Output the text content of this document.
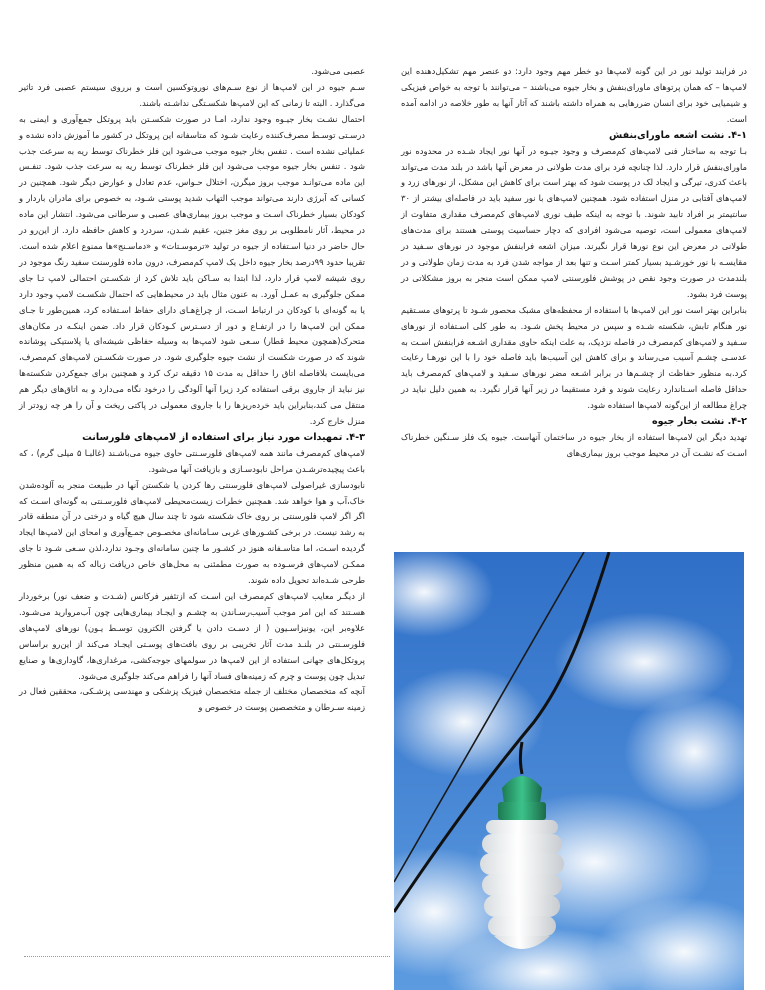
در فرایند تولید نور در این گونه لامپ‌ها دو خطر مهم وجود دارد: دو عنصر مهم تشکیل‌دهنده این لامپ‌ها – که همان پرتوهای ماورای‌بنفش و بخار جیوه می‌باشند – می‌توانند با توجه به خواص فیزیکی و شیمیایی خود برای انسان ضررهایی به همراه داشته باشند که آثار آنها به طور خلاصه در ادامه آمده است.

۴-۱. نشت اشعه ماورای‌بنفش

بـا توجه به ساختار فنی لامپ‌های کم‌مصرف و وجود جیـوه در آنها نور ایجاد شـده در محدوده نور ماورای‌بنفش قرار دارد. لذا چنانچه فرد برای مدت طولانی در معرض آنها باشد در بلند مدت می‌تواند باعث کدری، تیرگی و ایجاد لک در پوست شود که بهتر است برای کاهش این مشکل، از نورهای زرد و لامپ‌های آفتابی در منزل استفاده شود. همچنین لامپ‌های با نور سفید باید در فاصله‌ای بیشتر از ۳۰ سانتیمتر بر افراد تابید شوند. با توجه به اینکه طیف نوری لامپ‌های کم‌مصرف مقداری متفاوت از لامپ‌های معمولی است، توصیه می‌شود افرادی که دچار حساسیت پوستی هستند برای مدت‌های طولانی در معرض این نوع نورها قرار نگیرند. میزان اشعه فرابنفش موجود در نورهای سـفید در مقایسـه با نور خورشـید بسیار کمتر اسـت و تنها بعد از مواجه شدن فرد به مدت زمان طولانی و در بلندمدت در صورت وجود نقص در پوشش فلورسنتی لامپ ممکن است منجر به بروز مشکلاتی در پوست فرد بشود.

بنابراین بهتر است نور این لامپ‌ها با استفاده از محفظه‌های مشبک محصور شـود تا پرتوهای مسـتقیم نور هنگام تابش، شکسته شـده و سپس در محیط پخش شـود. به طور کلی اسـتفاده از نورهای سـفید و لامپ‌های کم‌مصرف در فاصله نزدیک، به علت اینکه حاوی مقداری اشـعه فرابنفش اسـت به عدسـی چشـم آسیب می‌رساند و برای کاهش این آسیب‌ها باید فاصله خود را با این نورهـا رعایت کرد.به منظور حفاظت از چشـم‌ها در برابر اشـعه مضر نورهای سـفید و لامپ‌های کم‌مصرف باید حداقل فاصله اسـتاندارد رعایت شوند و فرد مستقیما در زیر آنها قرار نگیرد. به همین دلیل نباید در چراغ مطالعه از این‌گونه لامپ‌ها استفاده شود.

۴-۲. نشت بخار جیوه

تهدید دیگر این لامپ‌ها استفاده از بخار جیوه در ساختمان آنهاست. جیوه یک فلز سـنگین خطرناک اسـت که نشـت آن در محیط موجب بروز بیماری‌های

عصبی می‌شود.

سـم جیوه در این لامپ‌ها از نوع سـم‌های نوروتوکسین است و برروی سیستم عصبی فرد تاثیر می‌گذارد . البته تا زمانی که این لامپ‌ها شکسـتگی نداشـته باشند.

احتمال نشـت بخار جیـوه وجود ندارد، امـا در صورت شکسـتن باید پروتکل جمع‌آوری و ایمنی به درسـتی توسـط مصرف‌کننده رعایت شـود که متاسفانه این پروتکل در کشور ما آموزش داده نشده و عملیاتی نشده است . تنفس بخار جیوه موجب می‌شود این فلز خطرناک توسط ریه به سرعت جذب شود . تنفس بخار جیوه موجب می‌شود این فلز خطرناک توسط ریه به سرعت جذب شود. تنفـس این ماده می‌توانـد موجب بروز میگرن، اختلال حـواس، عدم تعادل و عوارض دیگر شود. همچنین در کسانی که آبرژی دارند می‌تواند موجب التهاب شدید پوستی شـود، به خصوص برای مادران باردار و کودکان بسیار خطرناک اسـت و موجب بروز بیماری‌های عصبی و سرطانی می‌شود. انتشار این ماده در محیط، آثار نامطلوبی بر روی مغز جنین، عقیم شـدن، سردرد و کاهش حافظه دارد. از این‌رو در حال حاضر در دنیا اسـتفاده از جیوه در تولید «ترموسـتات» و «دماسـنج»ها ممنوع اعلام شده است. تقریبا حدود ۹۹درصد بخار جیوه داخل یک لامپ کم‌مصرف، درون ماده فلورسنت سفید رنگ موجود در روی شیشه لامپ قرار دارد، لذا ابتدا به سـاکن باید تلاش کرد از شکسـتن احتمالی لامپ تـا جای ممکن جلوگیری به عمـل آورد. به عنون مثال باید در محیط‌هایی که احتمال شکسـت لامپ وجود دارد یا به گونه‌ای با کودکان در ارتباط اسـت، از چراغ‌هـای دارای حفاظ اسـتفاده کرد، همین‌طور تا جـای ممکن این لامپ‌ها را در ارتفـاع و دور از دسـترس کـودکان قرار داد. ضمن اینکـه در مکان‌های متحرک(همچون محیط قطار) سـعی شود لامپ‌ها به وسیله حفاظی شیشه‌ای یا پلاستیکی پوشانده شوند که در صورت شکست از نشت جیوه جلوگیری شود. در صورت شکسـتن لامپ‌های کم‌مصرف، می‌بایست بلافاصله اتاق را حداقل به مدت ۱۵ دقیقه ترک کرد و همچنین برای جمع‌کردن شکسته‌ها نیز نباید از جاروی برقی استفاده کرد زیرا آنها آلودگی را درخود نگاه می‌دارد و به اتاق‌های دیگر هم منتقل می کند،بنابراین باید خرده‌ریزها را با جاروی معمولی در پاکتی ریخت و آن را هر چه زودتر از منزل خارج کرد.

۴-۳. تمهیدات مورد نیاز برای استفاده از لامپ‌های فلورسانت

لامپ‌های کم‌مصرف مانند همه لامپ‌های فلورسـنتی حاوی جیوه می‌باشـند (غالبـا ۵ میلی گرم) ، که باعث پیچیده‌ترشـدن مراحل نابودسـازی و بازیافت آنها می‌شود.

نابودسازی غیراصولی لامپ‌های فلورسنتی رها کردن یا شکستن آنها در طبیعت منجر به آلوده‌شدن خاک،آب و هوا خواهد شد. همچنین خطرات زیست‌محیطی لامپ‌های فلورسـنتی به گونه‌ای اسـت که اگر اگر لامپ فلورسنتی بر روی خاک شکسته شود تا چند سال هیچ گیاه و درختی در آن منطقه قادر به رشد نیست. در برخی کشـورهای غربی سـامانه‌ای مخصـوص جمـع‌آوری و امحای این لامپ‌ها ایجاد گردیده اسـت، اما متاسـفانه هنوز در کشـور ما چنین سامانه‌ای وجـود ندارد،لذن سـعی شـود تا جای ممکـن لامپ‌های فرسـوده به صورت مطمئنی به محل‌های خاص دریافت زباله که به همین منظور طرحی شـده‌اند تحویل داده شوند.

از دیگـر معایب لامپ‌های کم‌مصرف این اسـت که ازتئفیر فرکانس (شـدت و ضعف نور) برخوردار هسـتند که این امر موجب آسیب‌رسـاندن به چشـم و ایجـاد بیماری‌هایی چون آب‌مروارید می‌شـود. علاوه‌بر این، یونیزاسـیون ( از دسـت دادن یا گرفتن الکترون توسـط یـون) نورهای لامپ‌های فلورسـنتی در بلنـد مدت آثار تخریبی بر روی بافت‌های پوسـتی ایجـاد می‌کند از این‌رو براساس پروتکل‌های جهانی استفاده از این لامپ‌ها در سولمهای جوجه‌کشی، مرغداری‌ها، گاوداری‌ها و صنایع تبدیل چون پوست و چرم که زمینه‌های فساد آنها را فراهم می‌کند جلوگیری می‌شود.

آنچه که متخصصان مختلف از جمله متخصصان فیزیک پزشکی و مهندسی پزشـکی، محققین فعال در زمینه سـرطان و متخصصین پوست در خصوص و
